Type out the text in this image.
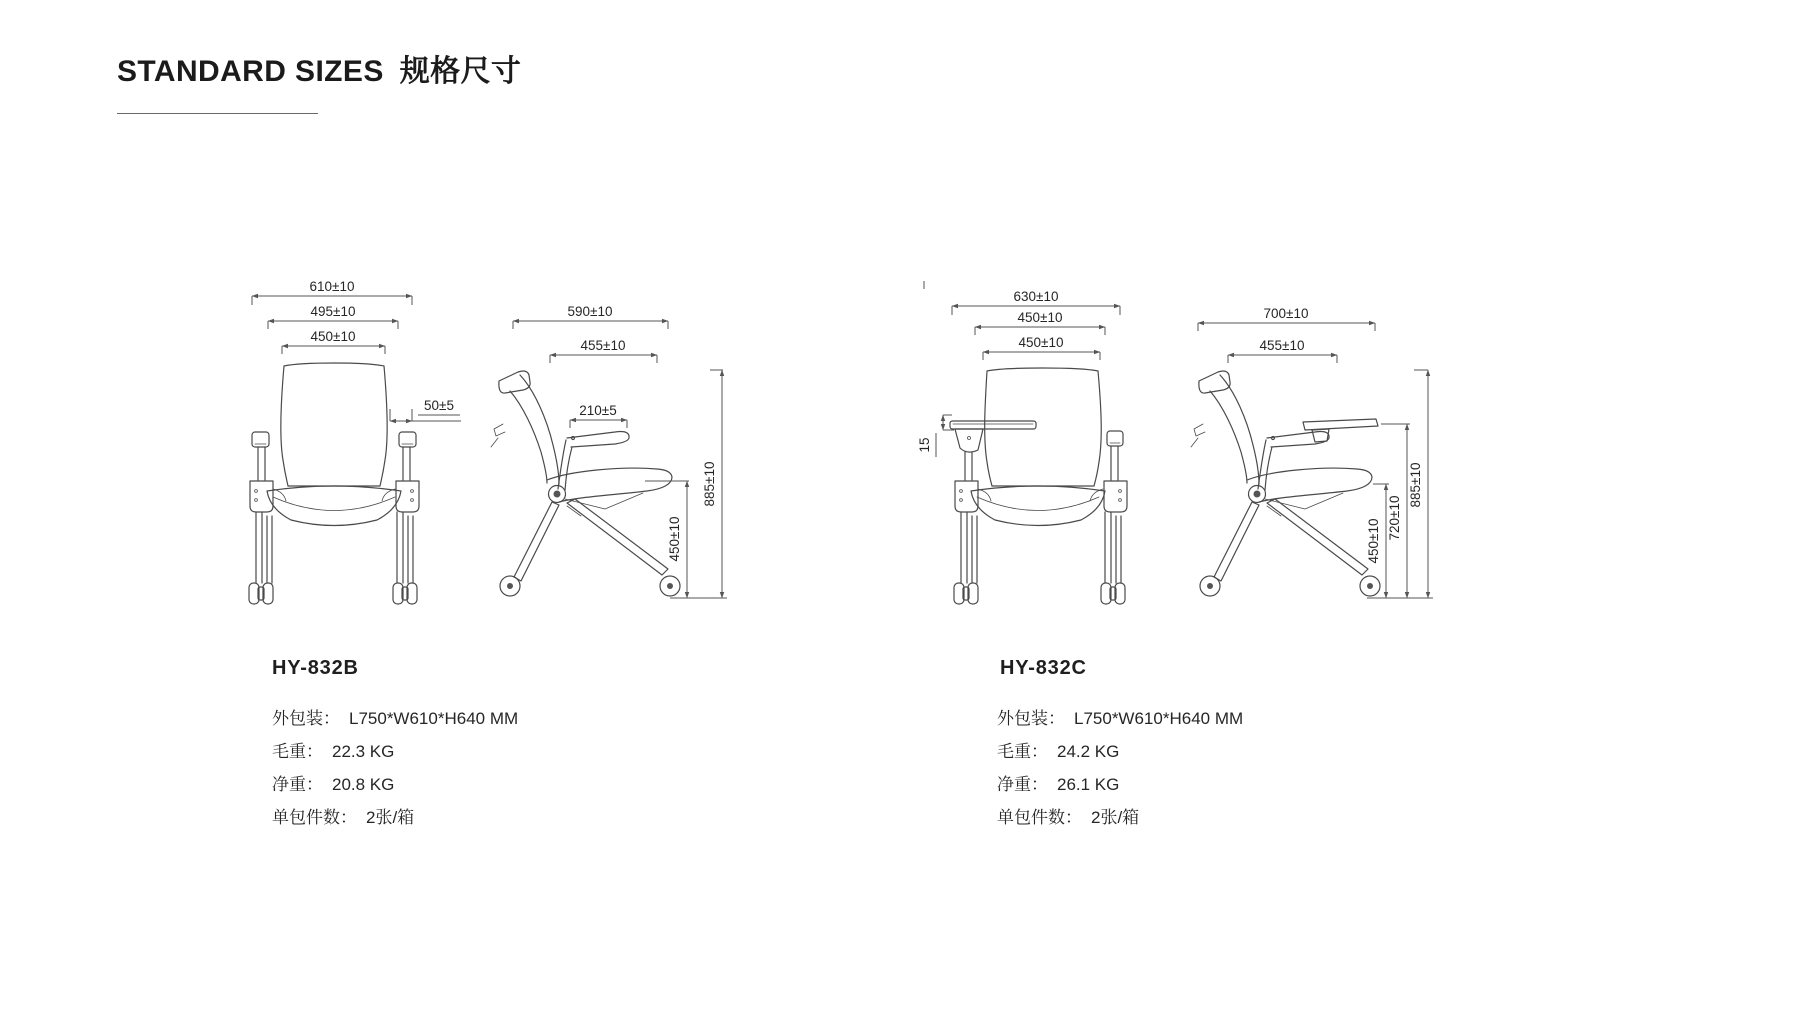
STANDARD SIZES 规格尺寸
610±10
495±10
450±10
50±5
590±10
455±10
210±5
885±10
450±10
HY-832B
外包装： L750*W610*H640 MM
毛重： 22.3 KG
净重： 20.8 KG
单包件数： 2张/箱
630±10
450±10
450±10
15
700±10
455±10
885±10
720±10
450±10
HY-832C
外包装： L750*W610*H640 MM
毛重： 24.2 KG
净重： 26.1 KG
单包件数： 2张/箱
